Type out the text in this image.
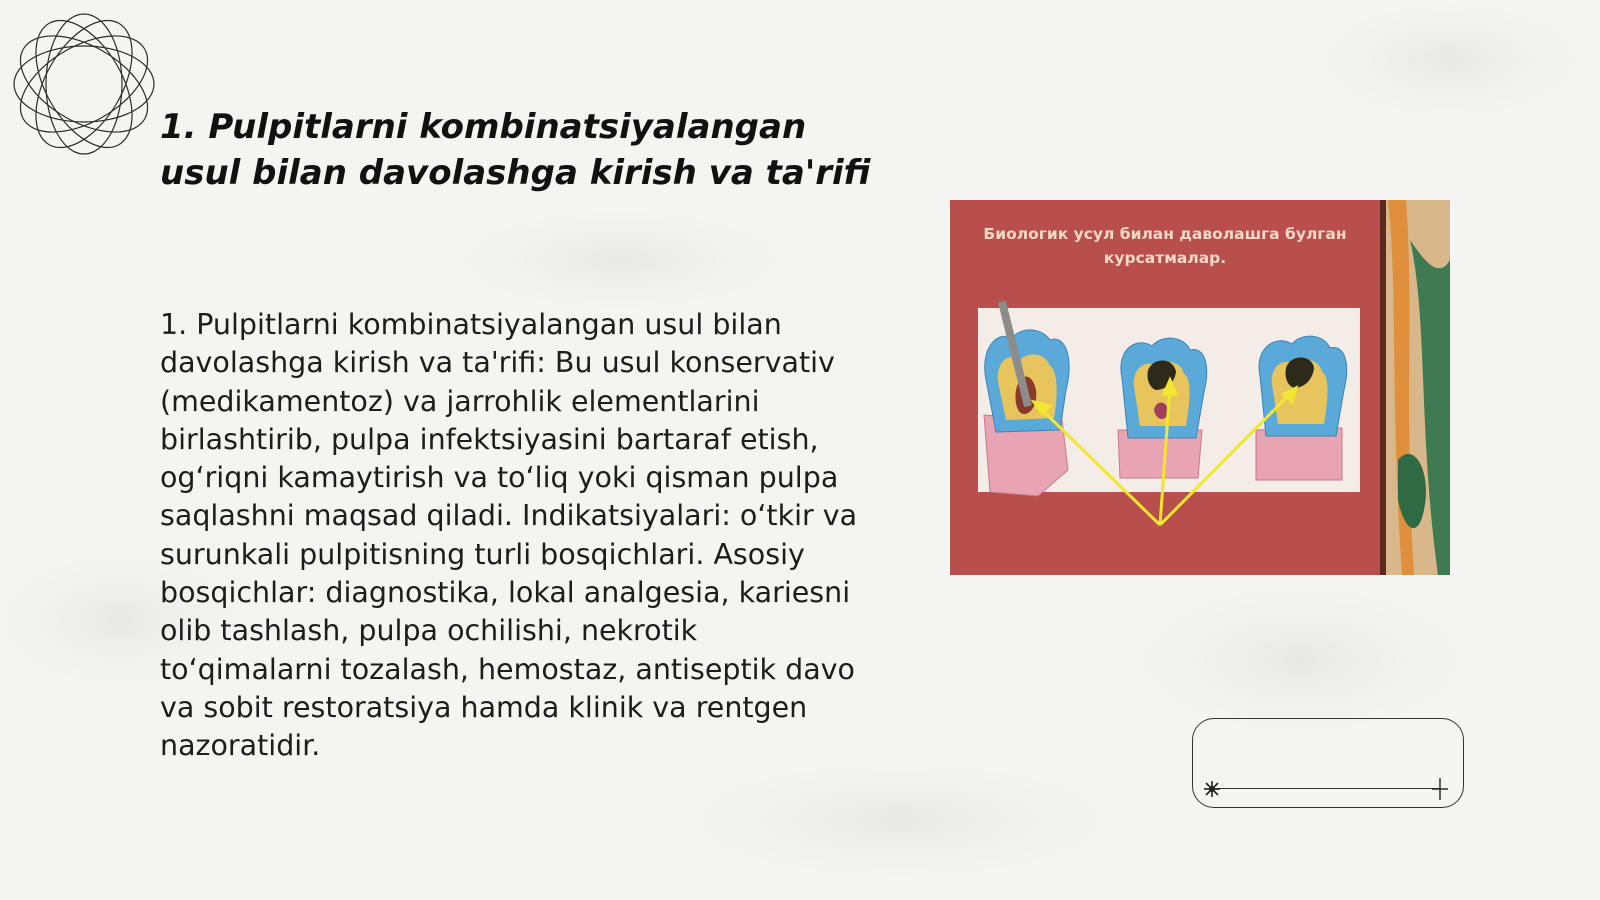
1. Pulpitlarni kombinatsiyalangan
usul bilan davolashga kirish va ta'rifi

1. Pulpitlarni kombinatsiyalangan usul bilan davolashga kirish va ta'rifi: Bu usul konservativ (medikamentoz) va jarrohlik elementlarini birlashtirib, pulpa infektsiyasini bartaraf etish, og‘riqni kamaytirish va to‘liq yoki qisman pulpa saqlashni maqsad qiladi. Indikatsiyalari: o‘tkir va surunkali pulpitisning turli bosqichlari. Asosiy bosqichlar: diagnostika, lokal analgesia, kariesni olib tashlash, pulpa ochilishi, nekrotik to‘qimalarni tozalash, hemostaz, antiseptik davo va sobit restoratsiya hamda klinik va rentgen nazoratidir.

Биологик усул билан даволашга булган
курсатмалар.
